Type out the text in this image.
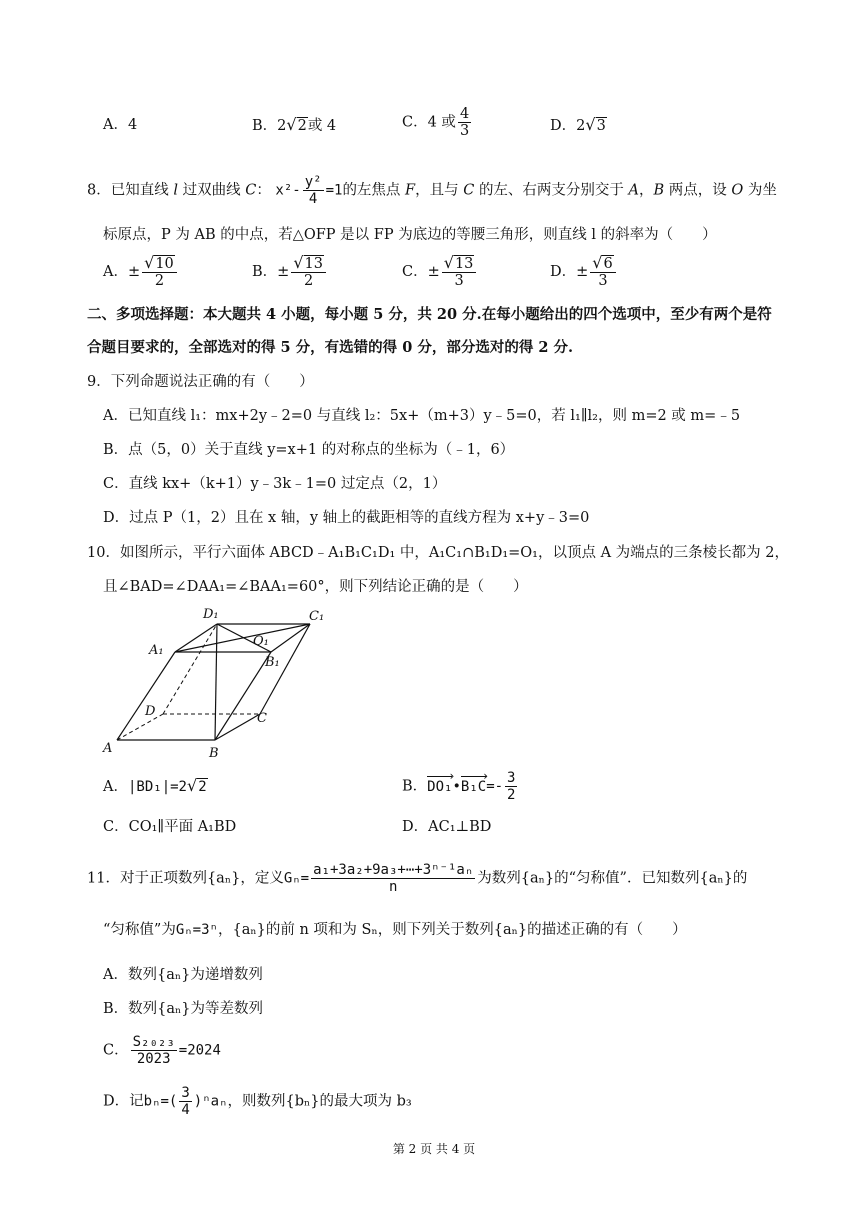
A．4	B．2√2或 4	C．4 或 $\frac{4}{3}$	D．2√3
8．已知直线 l 过双曲线 C： $x^2- \frac{\text{y²}}{4} =1$的左焦点 F，且与 C 的左、右两支分别交于 A，B 两点，设 O 为坐
标原点，P 为 AB 的中点，若△OFP 是以 FP 为底边的等腰三角形，则直线 l 的斜率为（　　）
A．± $\frac{√10}{2}$	B．± $\frac{√13}{2}$	C．± $\frac{√13}{3}$	D．± $\frac{√6}{3}$
二、多项选择题：本大题共 4 小题，每小题 5 分，共 20 分.在每小题给出的四个选项中，至少有两个是符
合题目要求的，全部选对的得 5 分，有选错的得 0 分，部分选对的得 2 分.
9．下列命题说法正确的有（　　）
A．已知直线 l₁：mx+2y﹣2=0 与直线 l₂：5x+（m+3）y﹣5=0，若 l₁∥l₂，则 m=2 或 m=﹣5
B．点（5，0）关于直线 y=x+1 的对称点的坐标为（﹣1，6）
C．直线 kx+（k+1）y﹣3k﹣1=0 过定点（2，1）
D．过点 P（1，2）且在 x 轴，y 轴上的截距相等的直线方程为 x+y﹣3=0
10．如图所示，平行六面体 ABCD﹣A₁B₁C₁D₁ 中，A₁C₁∩B₁D₁=O₁，以顶点 A 为端点的三条棱长都为 2，
且∠BAD=∠DAA₁=∠BAA₁=60°，则下列结论正确的是（　　）
D₁	C₁
A₁
O₁
B₁
D	C
A	B
A．|BD₁|=2√2	B．DO₁ ›•B₁C ›=- $\frac{3}{2}$
C．CO₁∥平面 A₁BD	D．AC₁⊥BD
11．对于正项数列{aₙ}，定义$G_n= \frac{\text{a₁+3a₂+9a₃+⋯+3ⁿ⁻¹aₙ}}{n}$ 为数列{aₙ}的“匀称值”．已知数列{aₙ}的
“匀称值”为Gₙ=3ⁿ，{aₙ}的前 n 项和为 Sₙ，则下列关于数列{aₙ}的描述正确的有（　　）
A．数列{aₙ}为递增数列
B．数列{aₙ}为等差数列
C． $\frac{\text{S₂₀₂₃}}{2023} =2024$
D．记$b_n=( \frac{3}{4} )^na_n$，则数列{bₙ}的最大项为 b₃
第 2 页 共 4 页
